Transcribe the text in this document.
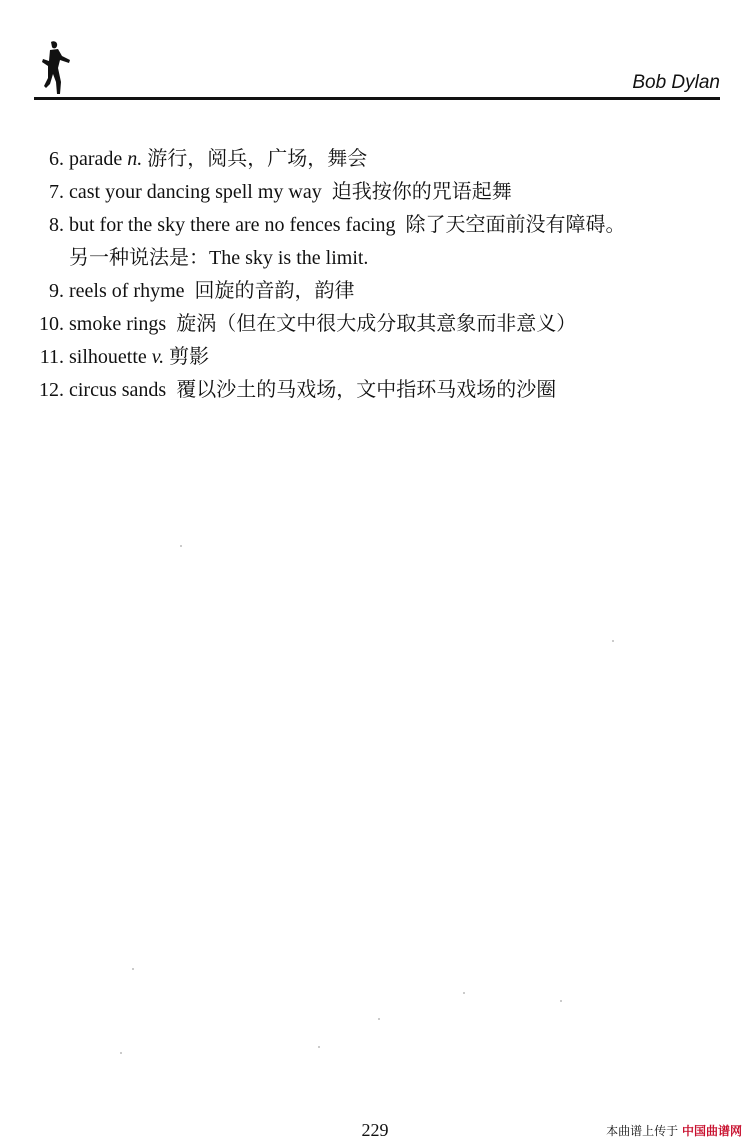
Bob Dylan
6. parade n. 游行，阅兵，广场，舞会
7. cast your dancing spell my way 迫我按你的咒语起舞
8. but for the sky there are no fences facing 除了天空面前没有障碍。
另一种说法是：The sky is the limit.
9. reels of rhyme 回旋的音韵，韵律
10. smoke rings 旋涡（但在文中很大成分取其意象而非意义）
11. silhouette v. 剪影
12. circus sands 覆以沙土的马戏场，文中指环马戏场的沙圈
229	本曲谱上传于 中国曲谱网
